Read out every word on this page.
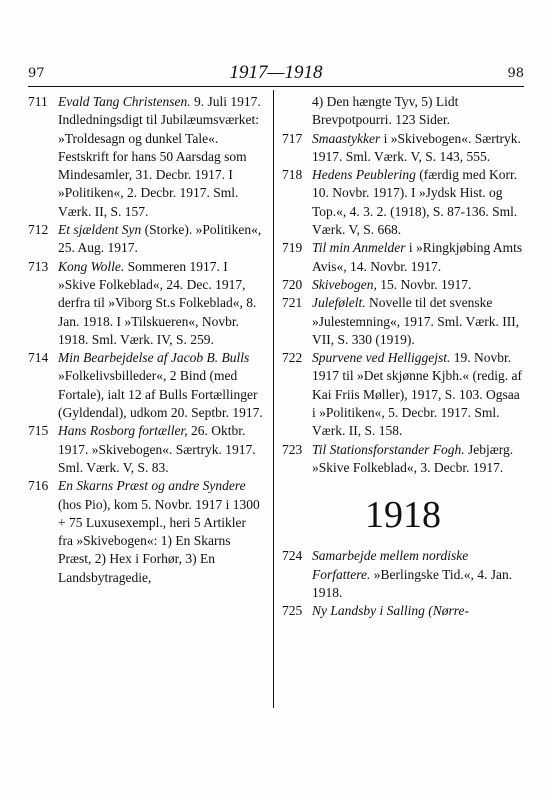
97	1917—1918	98
711 Evald Tang Christensen. 9. Juli 1917. Indledningsdigt til Jubilæumsværket: »Troldesagn og dunkel Tale«. Festskrift for hans 50 Aarsdag som Mindesamler, 31. Decbr. 1917. I »Politiken«, 2. Decbr. 1917. Sml. Værk. II, S. 157.
712 Et sjældent Syn (Storke). »Politiken«, 25. Aug. 1917.
713 Kong Wolle. Sommeren 1917. I »Skive Folkeblad«, 24. Dec. 1917, derfra til »Viborg St.s Folkeblad«, 8. Jan. 1918. I »Tilskueren«, Novbr. 1918. Sml. Værk. IV, S. 259.
714 Min Bearbejdelse af Jacob B. Bulls »Folkelivsbilleder«, 2 Bind (med Fortale), ialt 12 af Bulls Fortællinger (Gyldendal), udkom 20. Septbr. 1917.
715 Hans Rosborg fortæller, 26. Oktbr. 1917. »Skivebogen«. Særtryk. 1917. Sml. Værk. V, S. 83.
716 En Skarns Præst og andre Syndere (hos Pio), kom 5. Novbr. 1917 i 1300 + 75 Luxusexempl., heri 5 Artikler fra »Skivebogen«: 1) En Skarns Præst, 2) Hex i Forhør, 3) En Landsbytragedie,
4) Den hængte Tyv, 5) Lidt Brevpotpourri. 123 Sider.
717 Smaastykker i »Skivebogen«. Særtryk. 1917. Sml. Værk. V, S. 143, 555.
718 Hedens Peublering (færdig med Korr. 10. Novbr. 1917). I »Jydsk Hist. og Top.«, 4. 3. 2. (1918), S. 87-136. Sml. Værk. V, S. 668.
719 Til min Anmelder i »Ringkjøbing Amts Avis«, 14. Novbr. 1917.
720 Skivebogen, 15. Novbr. 1917.
721 Julefølelt. Novelle til det svenske »Julestemning«, 1917. Sml. Værk. III, VII, S. 330 (1919).
722 Spurvene ved Helliggejst. 19. Novbr. 1917 til »Det skjønne Kjbh.« (redig. af Kai Friis Møller), 1917, S. 103. Ogsaa i »Politiken«, 5. Decbr. 1917. Sml. Værk. II, S. 158.
723 Til Stationsforstander Fogh. Jebjærg. »Skive Folkeblad«, 3. Decbr. 1917.
1918
724 Samarbejde mellem nordiske Forfattere. »Berlingske Tid.«, 4. Jan. 1918.
725 Ny Landsby i Salling (Nørre-
